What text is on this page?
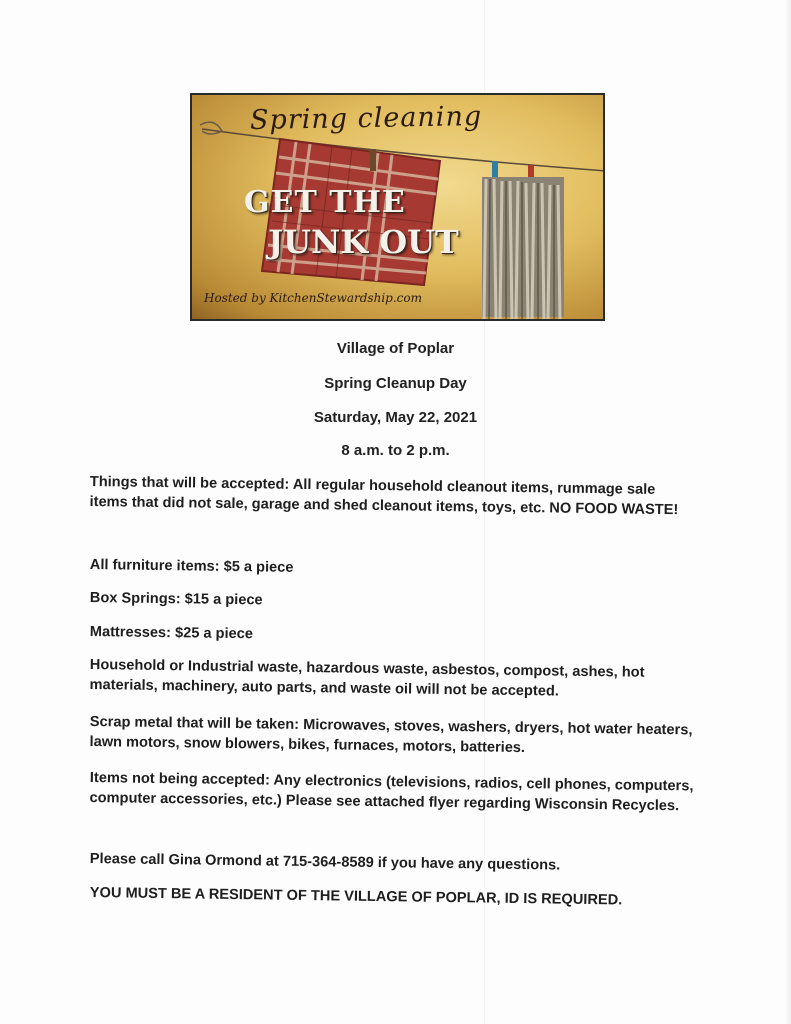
Spring cleaning
GET THE
JUNK OUT
Hosted by KitchenStewardship.com
Village of Poplar
Spring Cleanup Day
Saturday, May 22, 2021
8 a.m. to 2 p.m.
Things that will be accepted: All regular household cleanout items, rummage sale items that did not sale, garage and shed cleanout items, toys, etc. NO FOOD WASTE!
All furniture items: $5 a piece
Box Springs: $15 a piece
Mattresses: $25 a piece
Household or Industrial waste, hazardous waste, asbestos, compost, ashes, hot materials, machinery, auto parts, and waste oil will not be accepted.
Scrap metal that will be taken: Microwaves, stoves, washers, dryers, hot water heaters, lawn motors, snow blowers, bikes, furnaces, motors, batteries.
Items not being accepted: Any electronics (televisions, radios, cell phones, computers, computer accessories, etc.) Please see attached flyer regarding Wisconsin Recycles.
Please call Gina Ormond at 715-364-8589 if you have any questions.
YOU MUST BE A RESIDENT OF THE VILLAGE OF POPLAR, ID IS REQUIRED.
